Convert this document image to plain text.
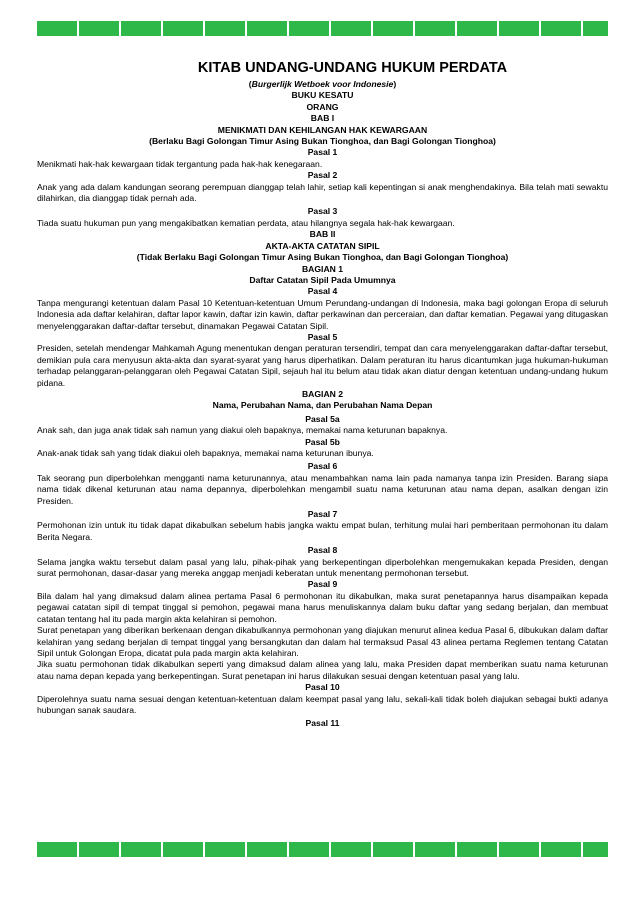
KITAB UNDANG-UNDANG HUKUM PERDATA
(Burgerlijk Wetboek voor Indonesie)
BUKU KESATU
ORANG
BAB I
MENIKMATI DAN KEHILANGAN HAK KEWARGAAN
(Berlaku Bagi Golongan Timur Asing Bukan Tionghoa, dan Bagi Golongan Tionghoa)
Pasal 1

Menikmati hak-hak kewargaan tidak tergantung pada hak-hak kenegaraan.

Pasal 2

Anak yang ada dalam kandungan seorang perempuan dianggap telah lahir, setiap kali kepentingan si anak menghendakinya. Bila telah mati sewaktu dilahirkan, dia dianggap tidak pernah ada.

Pasal 3

Tiada suatu hukuman pun yang mengakibatkan kematian perdata, atau hilangnya segala hak-hak kewargaan.

BAB II
AKTA-AKTA CATATAN SIPIL
(Tidak Berlaku Bagi Golongan Timur Asing Bukan Tionghoa, dan Bagi Golongan Tionghoa)
BAGIAN 1
Daftar Catatan Sipil Pada Umumnya
Pasal 4

Tanpa mengurangi ketentuan dalam Pasal 10 Ketentuan-ketentuan Umum Perundang-undangan di Indonesia, maka bagi golongan Eropa di seluruh Indonesia ada daftar kelahiran, daftar lapor kawin, daftar izin kawin, daftar perkawinan dan perceraian, dan daftar kematian. Pegawai yang ditugaskan menyelenggarakan daftar-daftar tersebut, dinamakan Pegawai Catatan Sipil.

Pasal 5

Presiden, setelah mendengar Mahkamah Agung menentukan dengan peraturan tersendiri, tempat dan cara menyelenggarakan daftar-daftar tersebut, demikian pula cara menyusun akta-akta dan syarat-syarat yang harus diperhatikan. Dalam peraturan itu harus dicantumkan juga hukuman-hukuman terhadap pelanggaran-pelanggaran oleh Pegawai Catatan Sipil, sejauh hal itu belum atau tidak akan diatur dengan ketentuan undang-undang hukum pidana.

BAGIAN 2
Nama, Perubahan Nama, dan Perubahan Nama Depan
Pasal 5a

Anak sah, dan juga anak tidak sah namun yang diakui oleh bapaknya, memakai nama keturunan bapaknya.

Pasal 5b

Anak-anak tidak sah yang tidak diakui oleh bapaknya, memakai nama keturunan ibunya.

Pasal 6

Tak seorang pun diperbolehkan mengganti nama keturunannya, atau menambahkan nama lain pada namanya tanpa izin Presiden. Barang siapa nama tidak dikenal keturunan atau nama depannya, diperbolehkan mengambil suatu nama keturunan atau nama depan, asalkan dengan izin Presiden.

Pasal 7

Permohonan izin untuk itu tidak dapat dikabulkan sebelum habis jangka waktu empat bulan, terhitung mulai hari pemberitaan permohonan itu dalam Berita Negara.

Pasal 8

Selama jangka waktu tersebut dalam pasal yang lalu, pihak-pihak yang berkepentingan diperbolehkan mengemukakan kepada Presiden, dengan surat permohonan, dasar-dasar yang mereka anggap menjadi keberatan untuk menentang permohonan tersebut.

Pasal 9

Bila dalam hal yang dimaksud dalam alinea pertama Pasal 6 permohonan itu dikabulkan, maka surat penetapannya harus disampaikan kepada pegawai catatan sipil di tempat tinggal si pemohon, pegawai mana harus menuliskannya dalam buku daftar yang sedang berjalan, dan membuat catatan tentang hal itu pada margin akta kelahiran si pemohon.

Surat penetapan yang diberikan berkenaan dengan dikabulkannya permohonan yang diajukan menurut alinea kedua Pasal 6, dibukukan dalam daftar kelahiran yang sedang berjalan di tempat tinggal yang bersangkutan dan dalam hal termaksud Pasal 43 alinea pertama Reglemen tentang Catatan Sipil untuk Golongan Eropa, dicatat pula pada margin akta kelahiran.

Jika suatu permohonan tidak dikabulkan seperti yang dimaksud dalam alinea yang lalu, maka Presiden dapat memberikan suatu nama keturunan atau nama depan kepada yang berkepentingan. Surat penetapan ini harus dilakukan sesuai dengan ketentuan pasal yang lalu.

Pasal 10

Diperolehnya suatu nama sesuai dengan ketentuan-ketentuan dalam keempat pasal yang lalu, sekali-kali tidak boleh diajukan sebagai bukti adanya hubungan sanak saudara.

Pasal 11
1
